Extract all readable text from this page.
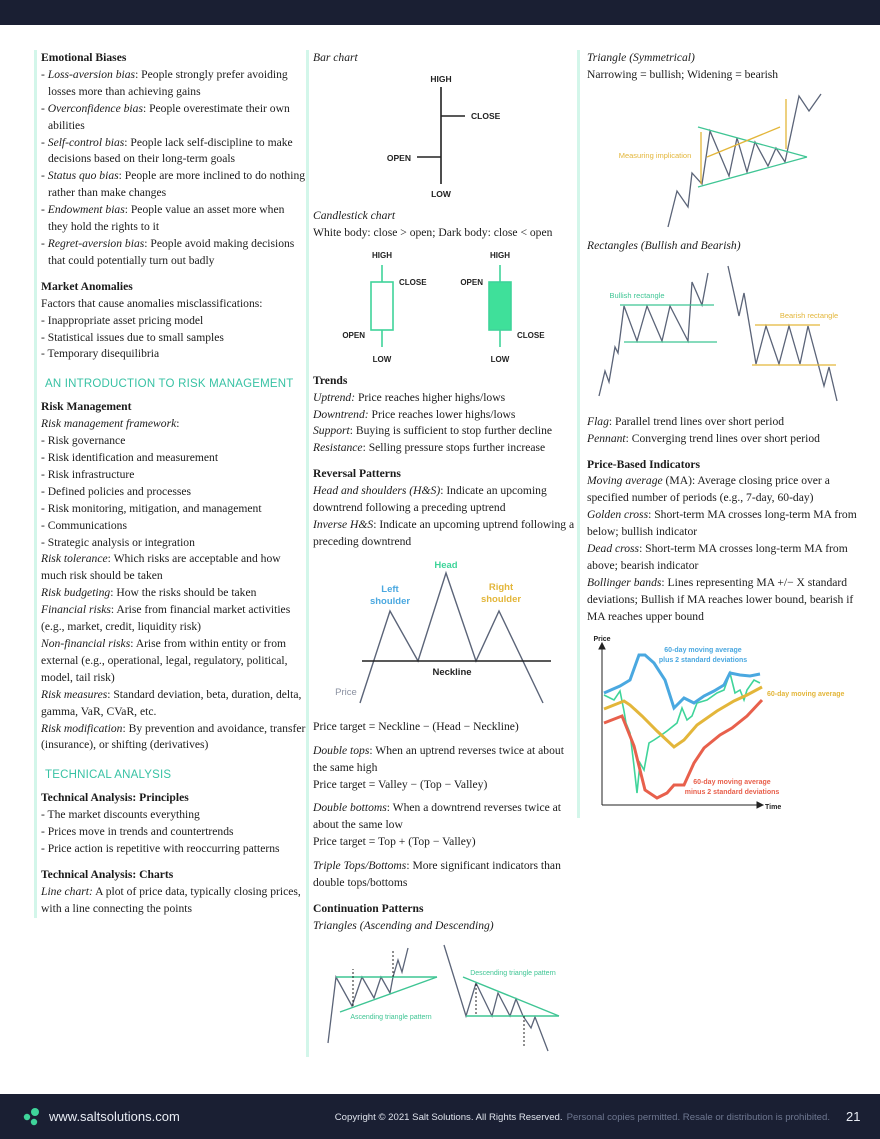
Emotional Biases
- Loss-aversion bias: People strongly prefer avoiding losses more than achieving gains
- Overconfidence bias: People overestimate their own abilities
- Self-control bias: People lack self-discipline to make decisions based on their long-term goals
- Status quo bias: People are more inclined to do nothing rather than make changes
- Endowment bias: People value an asset more when they hold the rights to it
- Regret-aversion bias: People avoid making decisions that could potentially turn out badly
Market Anomalies
Factors that cause anomalies misclassifications:
- Inappropriate asset pricing model
- Statistical issues due to small samples
- Temporary disequilibria
AN INTRODUCTION TO RISK MANAGEMENT
Risk Management
Risk management framework:
- Risk governance
- Risk identification and measurement
- Risk infrastructure
- Defined policies and processes
- Risk monitoring, mitigation, and management
- Communications
- Strategic analysis or integration
Risk tolerance: Which risks are acceptable and how much risk should be taken
Risk budgeting: How the risks should be taken
Financial risks: Arise from financial market activities (e.g., market, credit, liquidity risk)
Non-financial risks: Arise from within entity or from external (e.g., operational, legal, regulatory, political, model, tail risk)
Risk measures: Standard deviation, beta, duration, delta, gamma, VaR, CVaR, etc.
Risk modification: By prevention and avoidance, transfer (insurance), or shifting (derivatives)
TECHNICAL ANALYSIS
Technical Analysis: Principles
- The market discounts everything
- Prices move in trends and countertrends
- Price action is repetitive with reoccurring patterns
Technical Analysis: Charts
Line chart: A plot of price data, typically closing prices, with a line connecting the points
Bar chart
HIGH
CLOSE
OPEN
LOW
Candlestick chart
White body: close > open; Dark body: close < open
HIGH
CLOSE
OPEN
LOW
HIGH
OPEN
CLOSE
LOW
Trends
Uptrend: Price reaches higher highs/lows
Downtrend: Price reaches lower highs/lows
Support: Buying is sufficient to stop further decline
Resistance: Selling pressure stops further increase
Reversal Patterns
Head and shoulders (H&S): Indicate an upcoming downtrend following a preceding uptrend
Inverse H&S: Indicate an upcoming uptrend following a preceding downtrend
Head
Left
shoulder
Right
shoulder
Neckline
Price
Price target = Neckline − (Head − Neckline)
Double tops: When an uptrend reverses twice at about the same high
Price target = Valley − (Top − Valley)
Double bottoms: When a downtrend reverses twice at about the same low
Price target = Top + (Top − Valley)
Triple Tops/Bottoms: More significant indicators than double tops/bottoms
Continuation Patterns
Triangles (Ascending and Descending)
Ascending triangle pattern
Descending triangle pattern
Triangle (Symmetrical)
Narrowing = bullish; Widening = bearish
Measuring implication
Rectangles (Bullish and Bearish)
Bullish rectangle
Bearish rectangle
Flag: Parallel trend lines over short period
Pennant: Converging trend lines over short period
Price-Based Indicators
Moving average (MA): Average closing price over a specified number of periods (e.g., 7-day, 60-day)
Golden cross: Short-term MA crosses long-term MA from below; bullish indicator
Dead cross: Short-term MA crosses long-term MA from above; bearish indicator
Bollinger bands: Lines representing MA +/− X standard deviations; Bullish if MA reaches lower bound, bearish if MA reaches upper bound
Price
Time
60-day moving average
plus 2 standard deviations
60-day moving average
60-day moving average
minus 2 standard deviations
www.saltsolutions.com	Copyright © 2021 Salt Solutions. All Rights Reserved. Personal copies permitted. Resale or distribution is prohibited. 21
